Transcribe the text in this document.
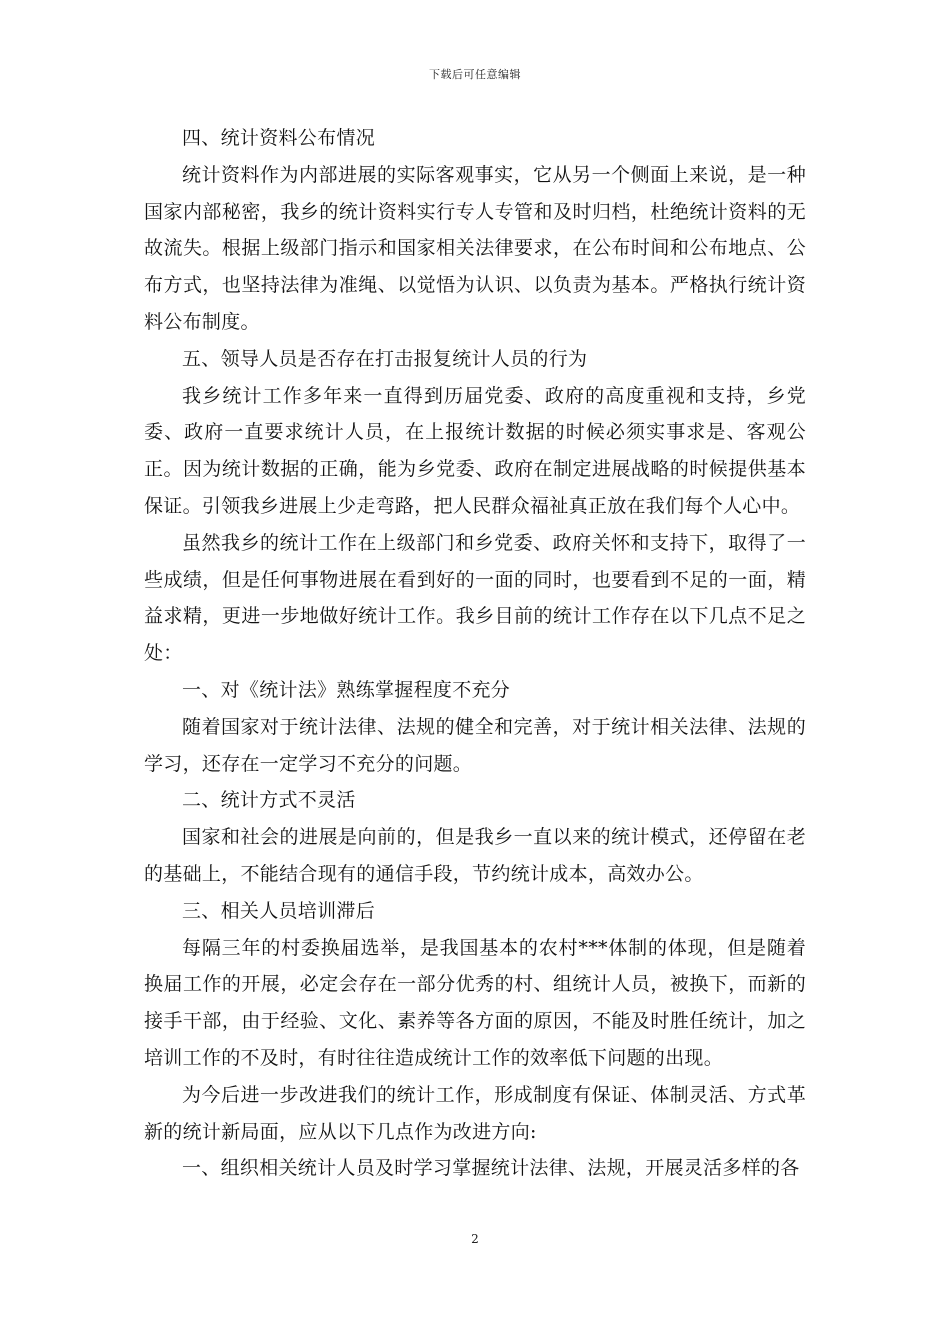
下载后可任意编辑

四、统计资料公布情况

统计资料作为内部进展的实际客观事实，它从另一个侧面上来说，是一种国家内部秘密，我乡的统计资料实行专人专管和及时归档，杜绝统计资料的无故流失。根据上级部门指示和国家相关法律要求，在公布时间和公布地点、公布方式，也坚持法律为准绳、以觉悟为认识、以负责为基本。严格执行统计资料公布制度。

五、领导人员是否存在打击报复统计人员的行为

我乡统计工作多年来一直得到历届党委、政府的高度重视和支持，乡党委、政府一直要求统计人员，在上报统计数据的时候必须实事求是、客观公正。因为统计数据的正确，能为乡党委、政府在制定进展战略的时候提供基本保证。引领我乡进展上少走弯路，把人民群众福祉真正放在我们每个人心中。

虽然我乡的统计工作在上级部门和乡党委、政府关怀和支持下，取得了一些成绩，但是任何事物进展在看到好的一面的同时，也要看到不足的一面，精益求精，更进一步地做好统计工作。我乡目前的统计工作存在以下几点不足之处：

一、对《统计法》熟练掌握程度不充分

随着国家对于统计法律、法规的健全和完善，对于统计相关法律、法规的学习，还存在一定学习不充分的问题。

二、统计方式不灵活

国家和社会的进展是向前的，但是我乡一直以来的统计模式，还停留在老的基础上，不能结合现有的通信手段，节约统计成本，高效办公。

三、相关人员培训滞后

每隔三年的村委换届选举，是我国基本的农村***体制的体现，但是随着换届工作的开展，必定会存在一部分优秀的村、组统计人员，被换下，而新的接手干部，由于经验、文化、素养等各方面的原因，不能及时胜任统计，加之培训工作的不及时，有时往往造成统计工作的效率低下问题的出现。

为今后进一步改进我们的统计工作，形成制度有保证、体制灵活、方式革新的统计新局面，应从以下几点作为改进方向:

一、组织相关统计人员及时学习掌握统计法律、法规，开展灵活多样的各

2
